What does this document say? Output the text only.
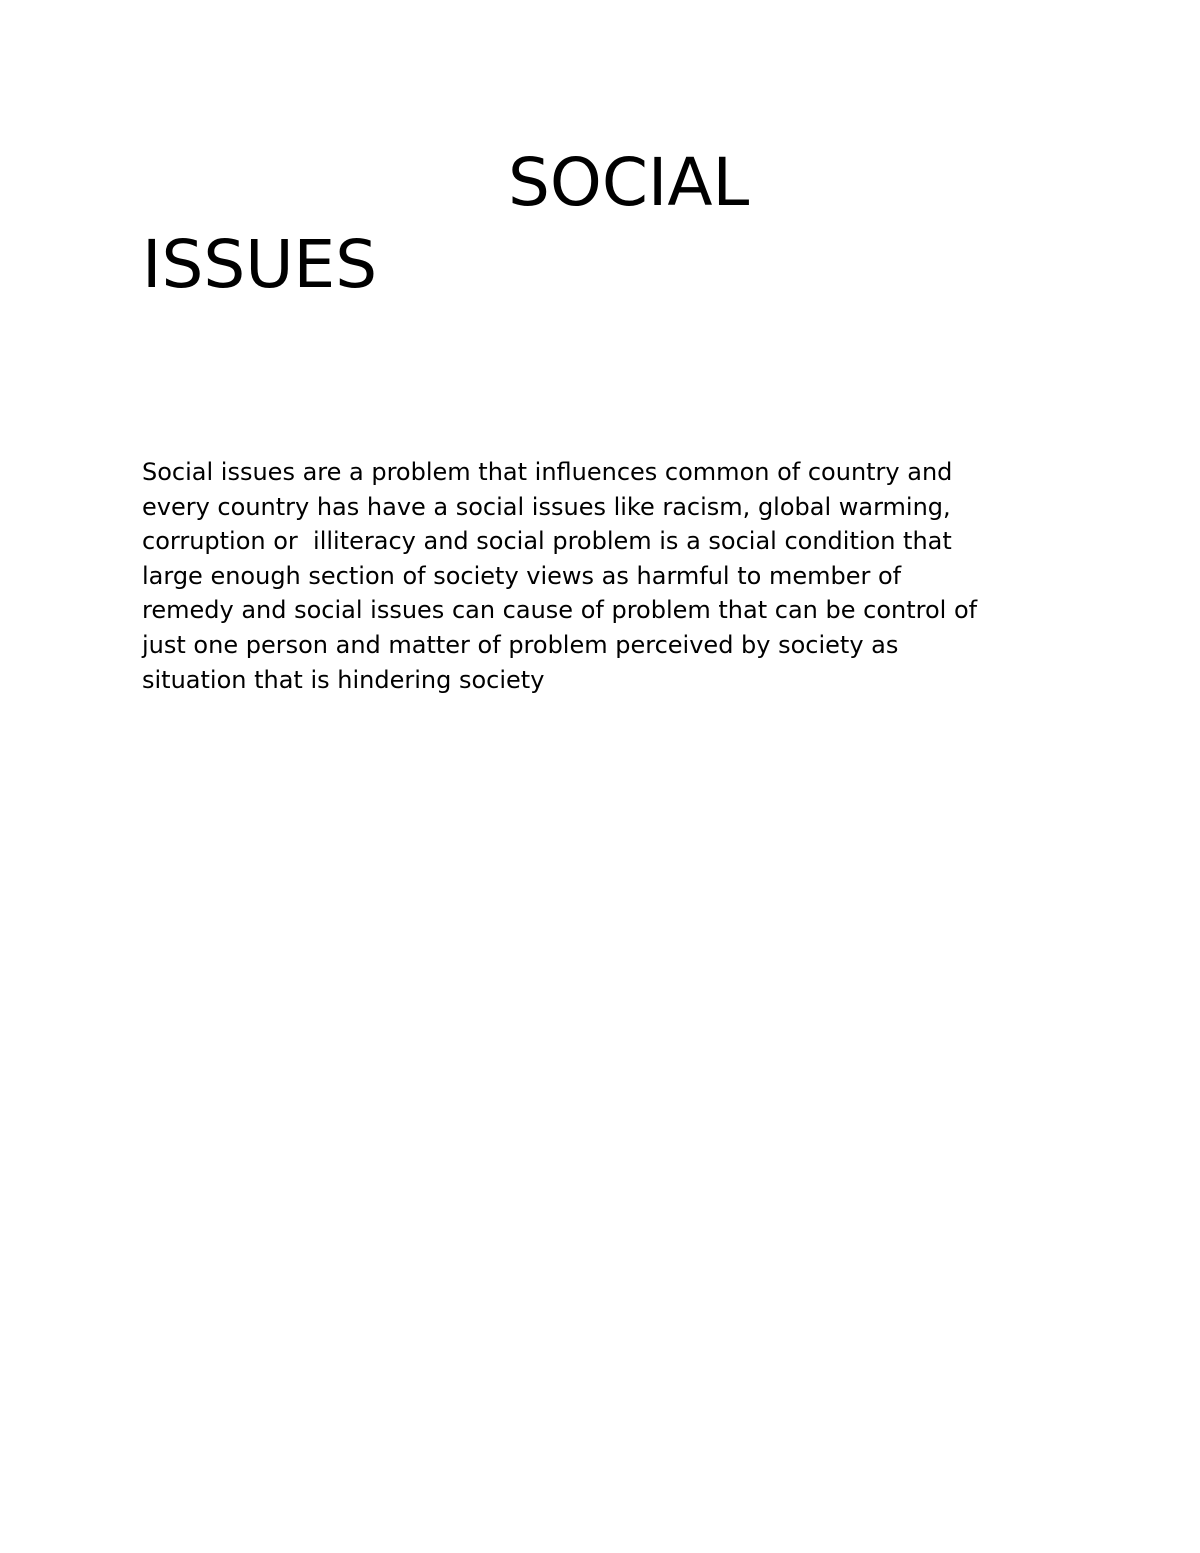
SOCIAL
ISSUES

Social issues are a problem that influences common of country and
every country has have a social issues like racism, global warming,
corruption or  illiteracy and social problem is a social condition that
large enough section of society views as harmful to member of
remedy and social issues can cause of problem that can be control of
just one person and matter of problem perceived by society as
situation that is hindering society
